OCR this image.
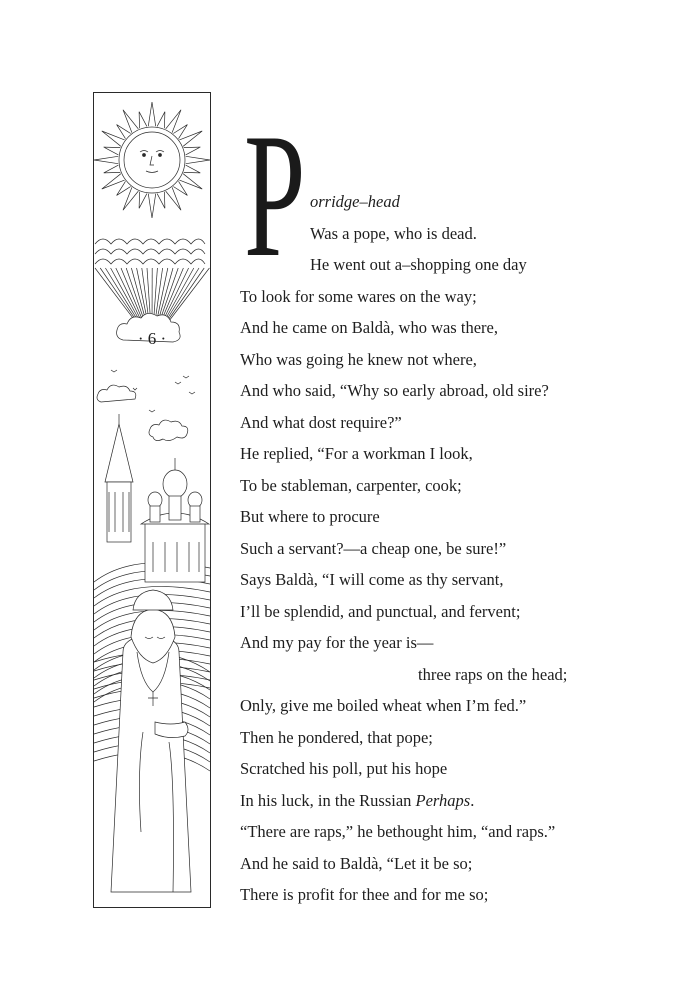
· 6 ·
P orridge–head
Was a pope, who is dead.
He went out a–shopping one day
To look for some wares on the way;
And he came on Baldà, who was there,
Who was going he knew not where,
And who said, “Why so early abroad, old sire?
And what dost require?”
He replied, “For a workman I look,
To be stableman, carpenter, cook;
But where to procure
Such a servant?—a cheap one, be sure!”
Says Baldà, “I will come as thy servant,
I’ll be splendid, and punctual, and fervent;
And my pay for the year is—
three raps on the head;
Only, give me boiled wheat when I’m fed.”
Then he pondered, that pope;
Scratched his poll, put his hope
In his luck, in the Russian Perhaps.
“There are raps,” he bethought him, “and raps.”
And he said to Baldà, “Let it be so;
There is profit for thee and for me so;
